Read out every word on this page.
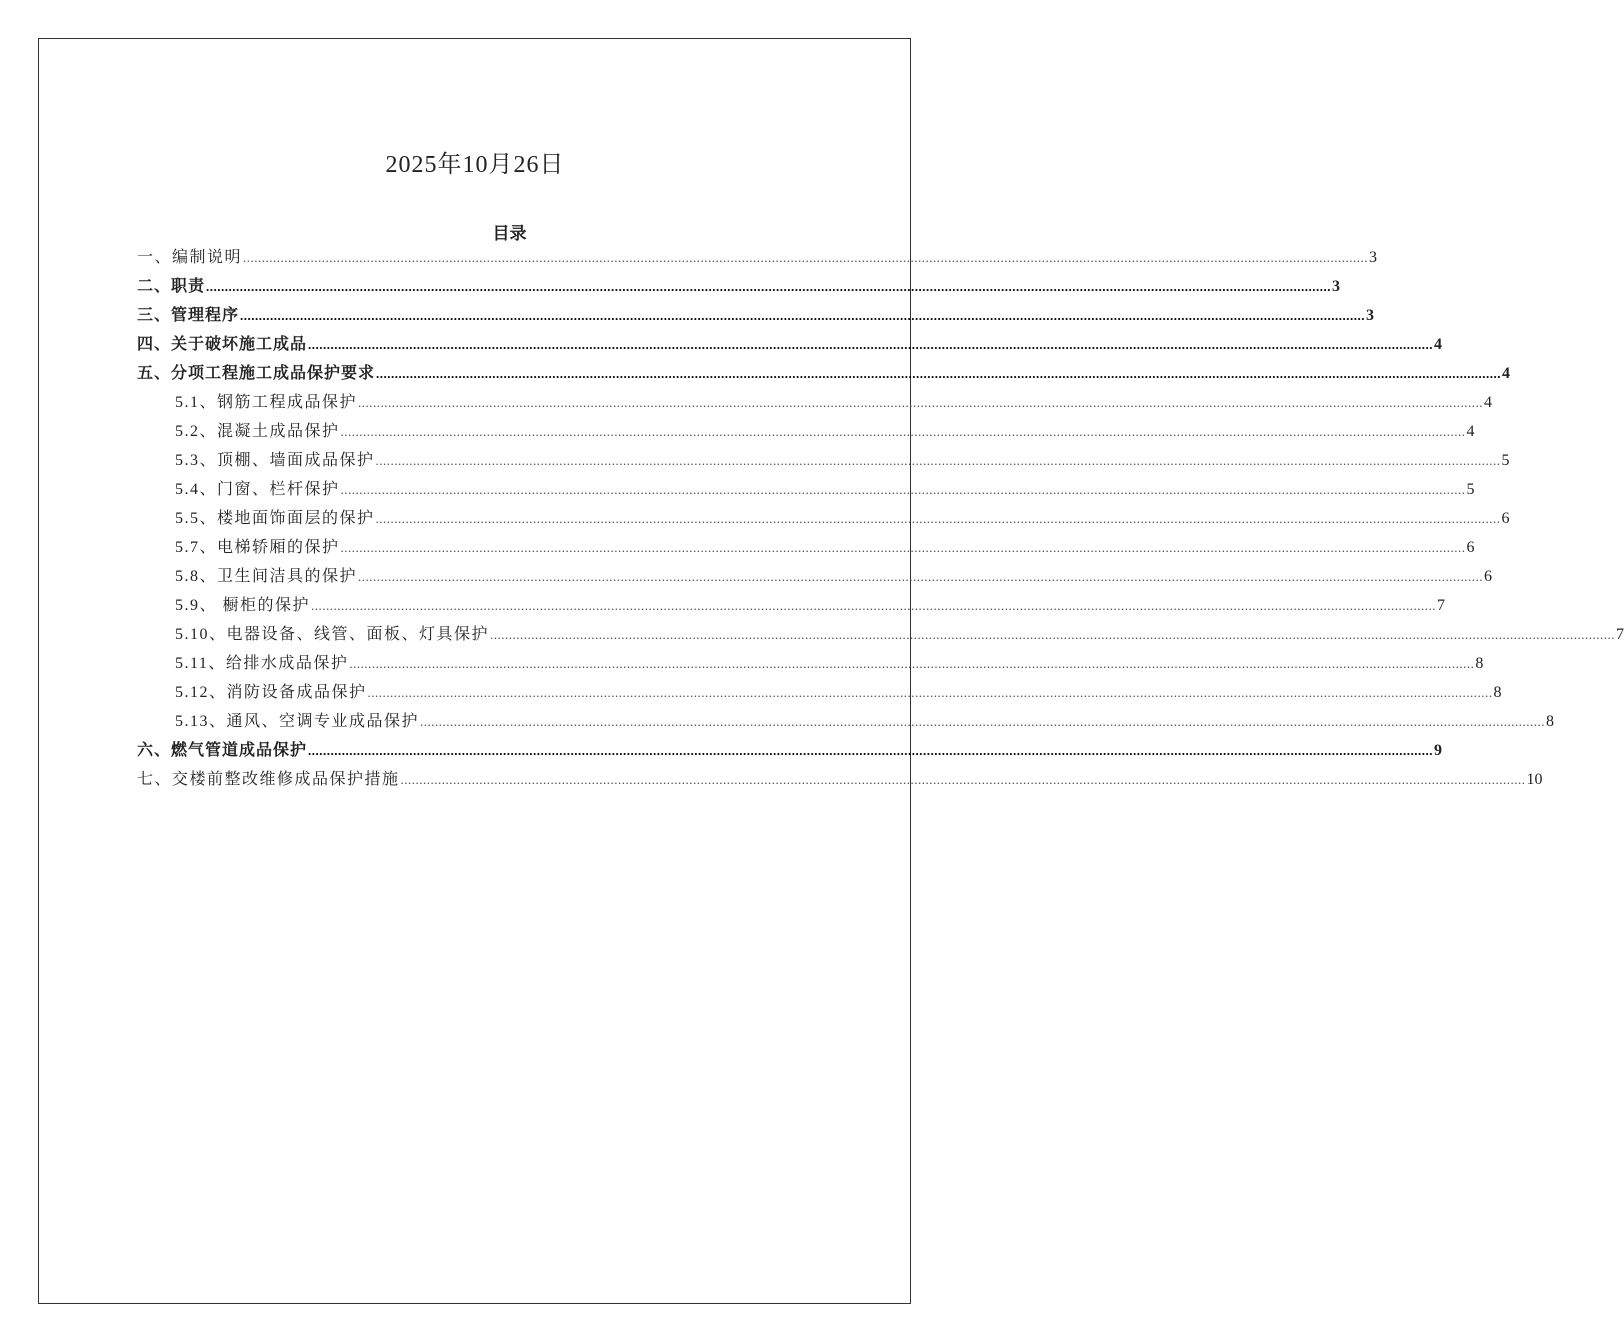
2025年10月26日
目录
一、编制说明 ............................................................................................................................................................................................................................................................................................................ 3
二、职责 ............................................................................................................................................................................................................................................................................................................ 3
三、管理程序 ............................................................................................................................................................................................................................................................................................................ 3
四、关于破坏施工成品 ............................................................................................................................................................................................................................................................................................................ 4
五、分项工程施工成品保护要求 ............................................................................................................................................................................................................................................................................................................ 4
5.1、钢筋工程成品保护 ............................................................................................................................................................................................................................................................................................................ 4
5.2、混凝土成品保护 ............................................................................................................................................................................................................................................................................................................ 4
5.3、顶棚、墙面成品保护 ............................................................................................................................................................................................................................................................................................................ 5
5.4、门窗、栏杆保护 ............................................................................................................................................................................................................................................................................................................ 5
5.5、楼地面饰面层的保护 ............................................................................................................................................................................................................................................................................................................ 6
5.7、电梯轿厢的保护 ............................................................................................................................................................................................................................................................................................................ 6
5.8、卫生间洁具的保护 ............................................................................................................................................................................................................................................................................................................ 6
5.9、 橱柜的保护 ............................................................................................................................................................................................................................................................................................................ 7
5.10、电器设备、线管、面板、灯具保护 ............................................................................................................................................................................................................................................................................................................ 7
5.11、给排水成品保护 ............................................................................................................................................................................................................................................................................................................ 8
5.12、消防设备成品保护 ............................................................................................................................................................................................................................................................................................................ 8
5.13、通风、空调专业成品保护 ............................................................................................................................................................................................................................................................................................................ 8
六、燃气管道成品保护 ............................................................................................................................................................................................................................................................................................................ 9
七、交楼前整改维修成品保护措施 ............................................................................................................................................................................................................................................................................................................ 10
